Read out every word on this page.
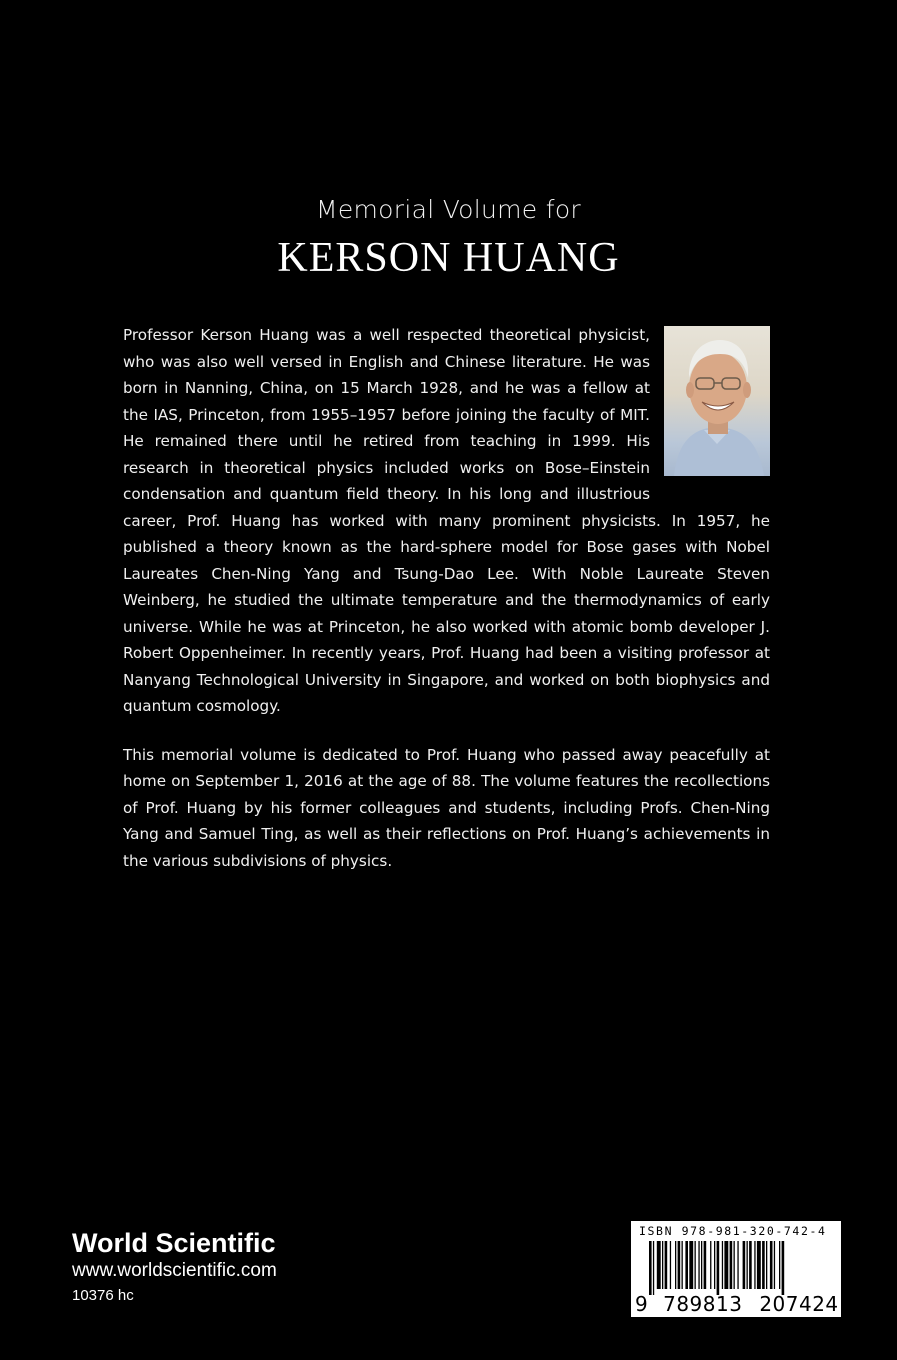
Memorial Volume for
KERSON HUANG

Professor Kerson Huang was a well respected theoretical physicist, who was also well versed in English and Chinese literature. He was born in Nanning, China, on 15 March 1928, and he was a fellow at the IAS, Princeton, from 1955–1957 before joining the faculty of MIT. He remained there until he retired from teaching in 1999. His research in theoretical physics included works on Bose–Einstein condensation and quantum field theory. In his long and illustrious career, Prof. Huang has worked with many prominent physicists. In 1957, he published a theory known as the hard-sphere model for Bose gases with Nobel Laureates Chen-Ning Yang and Tsung-Dao Lee. With Noble Laureate Steven Weinberg, he studied the ultimate temperature and the thermodynamics of early universe. While he was at Princeton, he also worked with atomic bomb developer J. Robert Oppenheimer. In recently years, Prof. Huang had been a visiting professor at Nanyang Technological University in Singapore, and worked on both biophysics and quantum cosmology.

This memorial volume is dedicated to Prof. Huang who passed away peacefully at home on September 1, 2016 at the age of 88. The volume features the recollections of Prof. Huang by his former colleagues and students, including Profs. Chen-Ning Yang and Samuel Ting, as well as their reflections on Prof. Huang’s achievements in the various subdivisions of physics.

World Scientific
www.worldscientific.com
10376 hc
ISBN 978-981-320-742-4
9 789813 207424
